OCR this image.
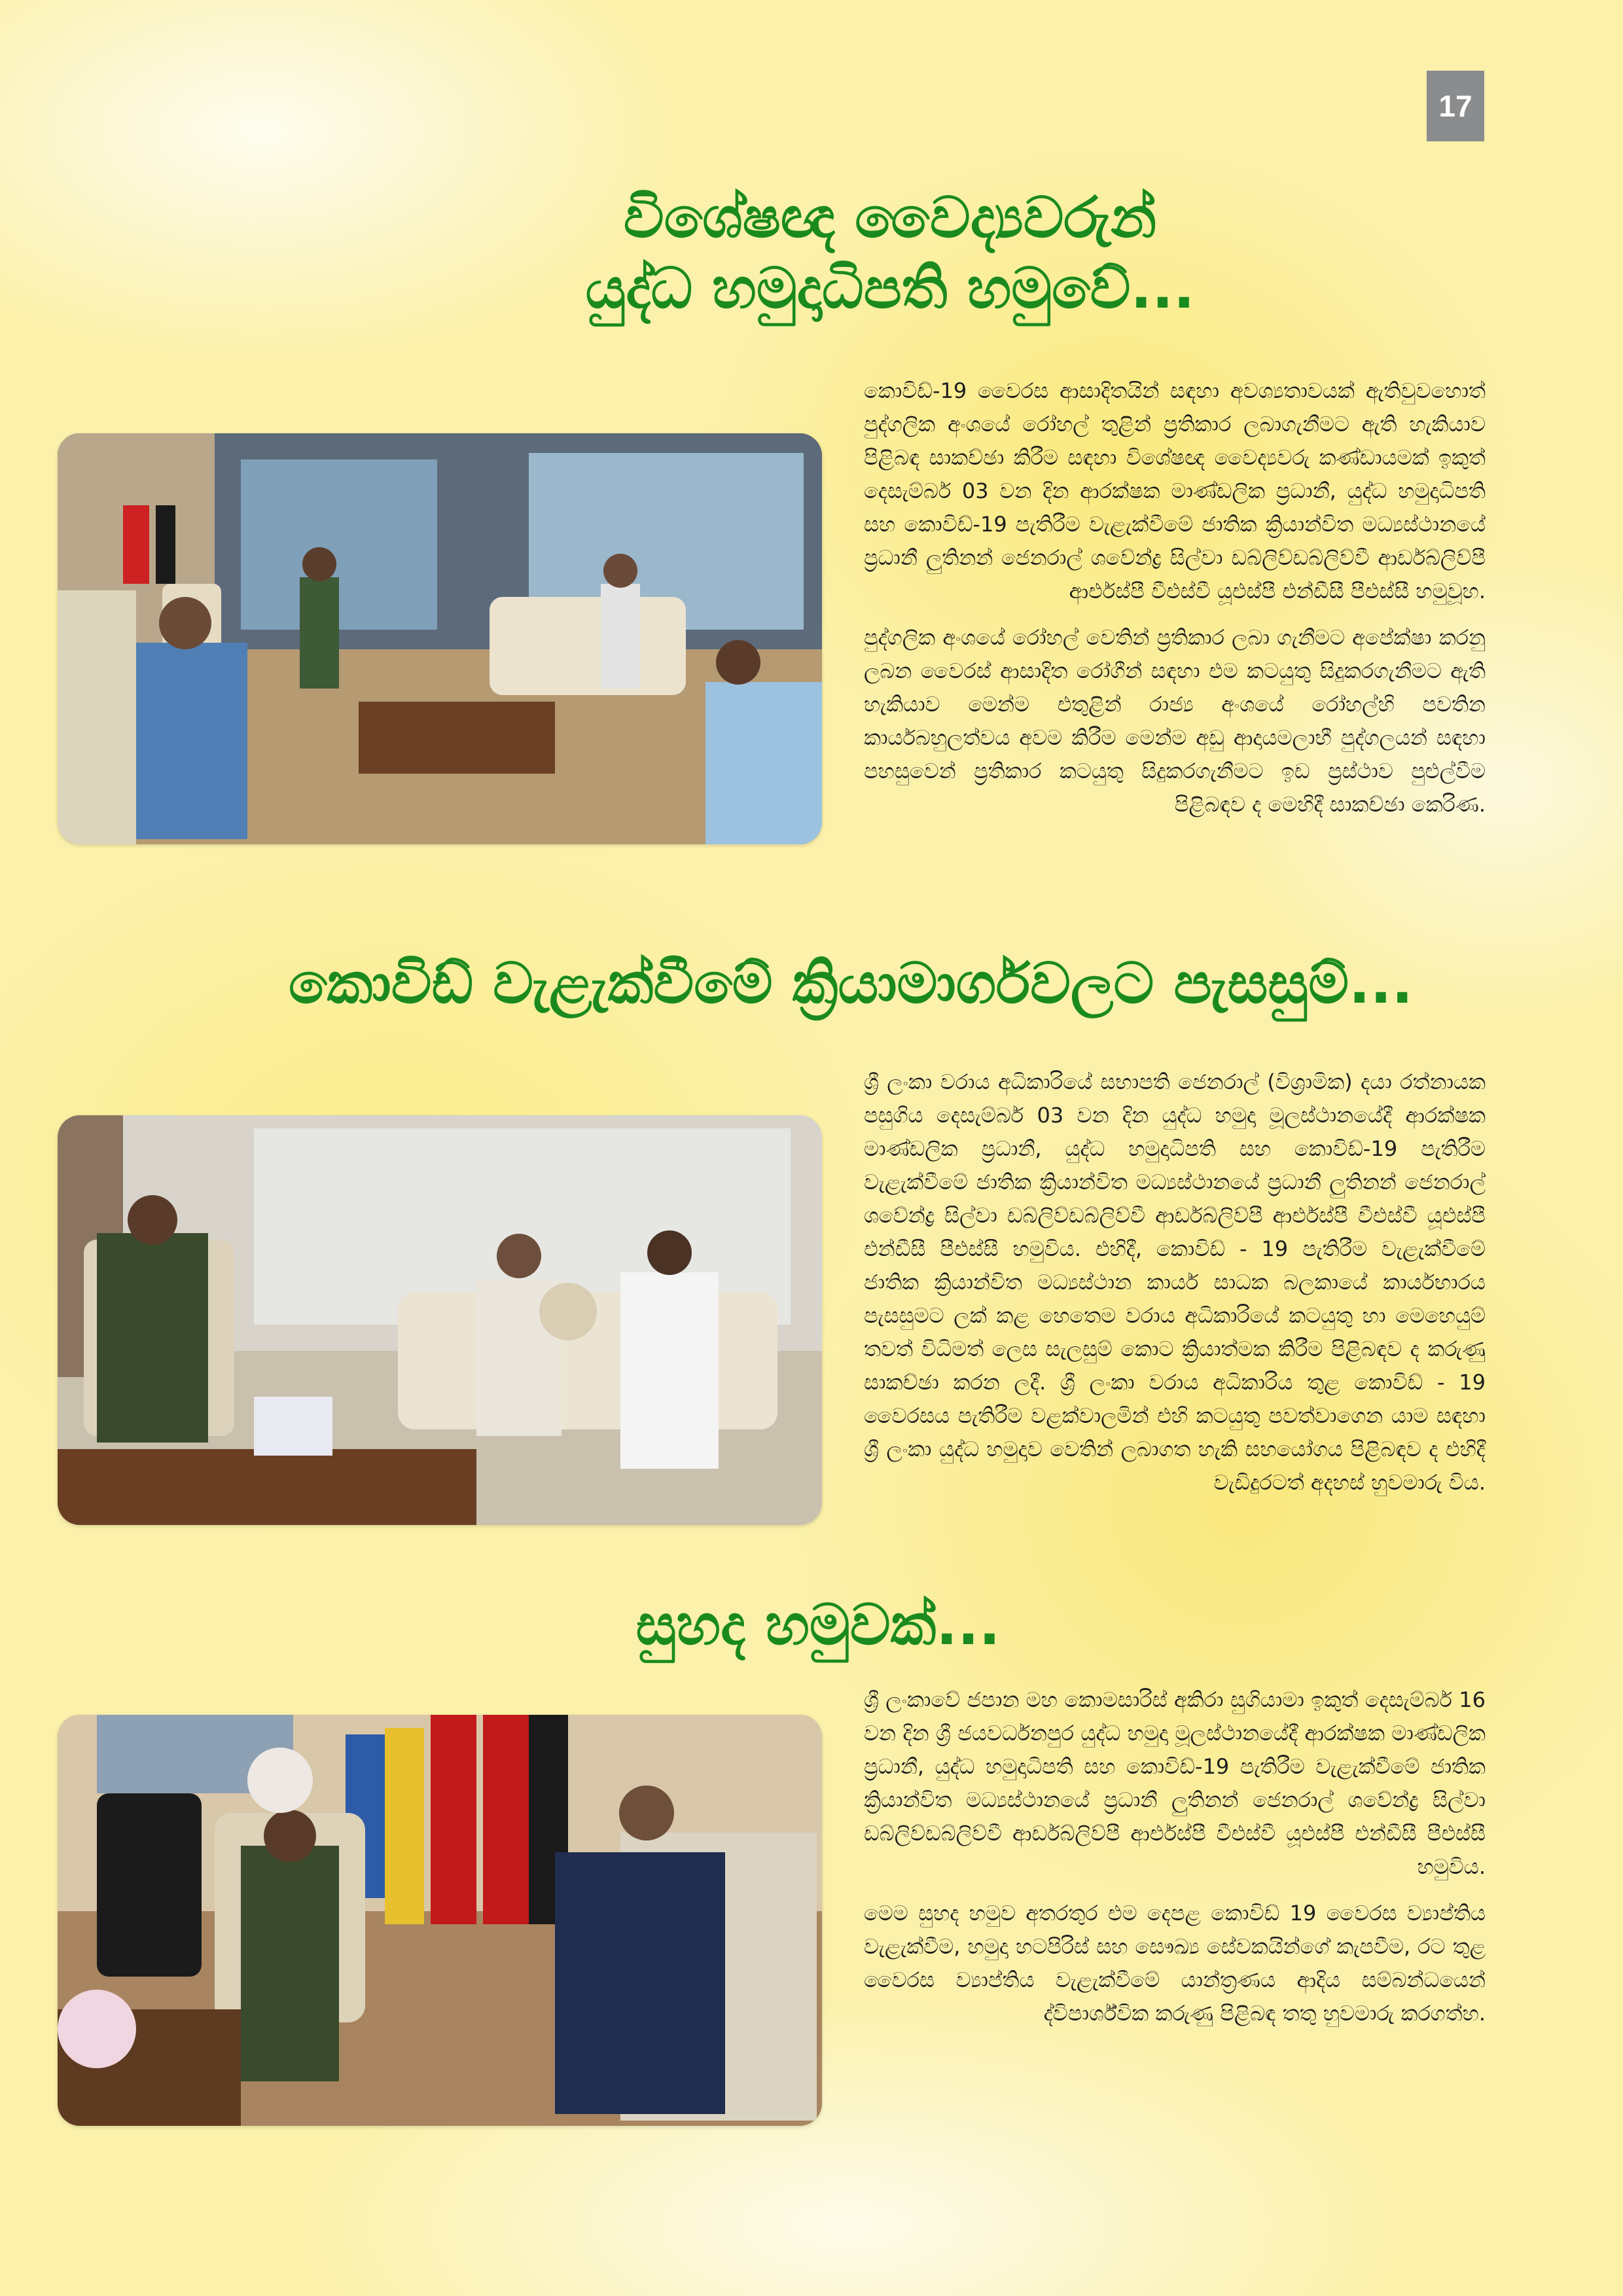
17
විශේෂඥ වෛද්‍යවරුන්
යුද්ධ හමුදාධිපති හමුවේ...

කොවිඩ්-19 වෛරස ආසාදිතයින් සඳහා අවශ්‍යතාවයක් ඇතිවුවහොත් පුද්ගලික අංශයේ රෝහල් තුළින් ප්‍රතිකාර ලබාගැනීමට ඇති හැකියාව පිළිබඳ සාකච්ඡා කිරීම සඳහා විශේෂඥ වෛද්‍යවරු කණ්ඩායමක් ඉකුත් දෙසැම්බර් 03 වන දින ආරක්ෂක මාණ්ඩලික ප්‍රධානී, යුද්ධ හමුදාධිපති සහ කොවිඩ්-19 පැතිරීම වැළැක්වීමේ ජාතික ක්‍රියාන්විත මධ්‍යස්ථානයේ ප්‍රධානී ලුතිනන් ජෙනරාල් ශවේන්ද්‍ර සිල්වා ඩබ්ලිව්ඩබ්ලිව්වී ආර්ඩබ්ලිව්පී ආර්එස්පී වීඑස්වී යූඑස්පී එන්ඩීසී පීඑස්සී හමුවූහ.

පුද්ගලික අංශයේ රෝහල් වෙතින් ප්‍රතිකාර ලබා ගැනීමට අපේක්ෂා කරනු ලබන වෛරස් ආසාදිත රෝගීන් සඳහා එම කටයුතු සිදුකරගැනීමට ඇති හැකියාව මෙන්ම එතුළින් රාජ්‍ය අංශයේ රෝහල්හි පවතින කාර්යබහුලත්වය අවම කිරීම මෙන්ම අඩු ආදායමලාභී පුද්ගලයන් සඳහා පහසුවෙන් ප්‍රතිකාර කටයුතු සිදුකරගැනීමට ඉඩ ප්‍රස්ථාව පුළුල්වීම පිළිබඳව ද මෙහිදී සාකච්ඡා කෙරිණ.

කොවිඩ් වැළැක්වීමේ ක්‍රියාමාර්ගවලට පැසසුම්...

ශ්‍රී ලංකා වරාය අධිකාරියේ සභාපති ජෙනරාල් (විශ්‍රාමික) දයා රත්නායක පසුගිය දෙසැම්බර් 03 වන දින යුද්ධ හමුදා මූලස්ථානයේදී ආරක්ෂක මාණ්ඩලික ප්‍රධානී, යුද්ධ හමුදාධිපති සහ කොවිඩ්-19 පැතිරීම වැළැක්වීමේ ජාතික ක්‍රියාන්විත මධ්‍යස්ථානයේ ප්‍රධානී ලුතිනන් ජෙනරාල් ශවේන්ද්‍ර සිල්වා ඩබ්ලිව්ඩබ්ලිව්වී ආර්ඩබ්ලිව්පී ආර්එස්පී වීඑස්වී යූඑස්පී එන්ඩීසී පීඑස්සී හමුවිය. එහිදී, කොවිඩ් - 19 පැතිරීම වැළැක්වීමේ ජාතික ක්‍රියාන්විත මධ්‍යස්ථාන කාර්ය සාධක බලකායේ කාර්යභාරය පැසසුමට ලක් කළ හෙතෙම වරාය අධිකාරියේ කටයුතු හා මෙහෙයුම් තවත් විධිමත් ලෙස සැලසුම් කොට ක්‍රියාත්මක කිරීම පිළිබඳව ද කරුණු සාකච්ඡා කරන ලදී. ශ්‍රී ලංකා වරාය අධිකාරිය තුළ කොවිඩ් - 19 වෛරසය පැතිරීම වළක්වාලමින් එහි කටයුතු පවත්වාගෙන යාම සඳහා ශ්‍රී ලංකා යුද්ධ හමුදාව වෙතින් ලබාගත හැකි සහයෝගය පිළිබඳව ද එහිදී වැඩිදුරටත් අදහස් හුවමාරු විය.

සුහද හමුවක්...

ශ්‍රී ලංකාවේ ජපාන මහ කොමසාරිස් අකිරා සුගියාමා ඉකුත් දෙසැම්බර් 16 වන දින ශ්‍රී ජයවර්ධනපුර යුද්ධ හමුදා මූලස්ථානයේදී ආරක්ෂක මාණ්ඩලික ප්‍රධානී, යුද්ධ හමුදාධිපති සහ කොවිඩ්-19 පැතිරීම වැළැක්වීමේ ජාතික ක්‍රියාන්විත මධ්‍යස්ථානයේ ප්‍රධානී ලුතිනන් ජෙනරාල් ශවේන්ද්‍ර සිල්වා ඩබ්ලිව්ඩබ්ලිව්වී ආර්ඩබ්ලිව්පී ආර්එස්පී වීඑස්වී යූඑස්පී එන්ඩීසී පීඑස්සී හමුවිය.

මෙම සුහද හමුව අතරතුර එම දෙපළ කොවිඩ් 19 වෛරස ව්‍යාප්තිය වැළැක්වීම, හමුදා හටපිරිස් සහ සෞඛ්‍ය සේවකයින්ගේ කැපවීම, රට තුළ වෛරස ව්‍යාප්තිය වැළැක්වීමේ යාන්ත්‍රණය ආදිය සම්බන්ධයෙන් ද්විපාර්ශ්වික කරුණු පිළිබඳ තතු හුවමාරු කරගත්හ.
